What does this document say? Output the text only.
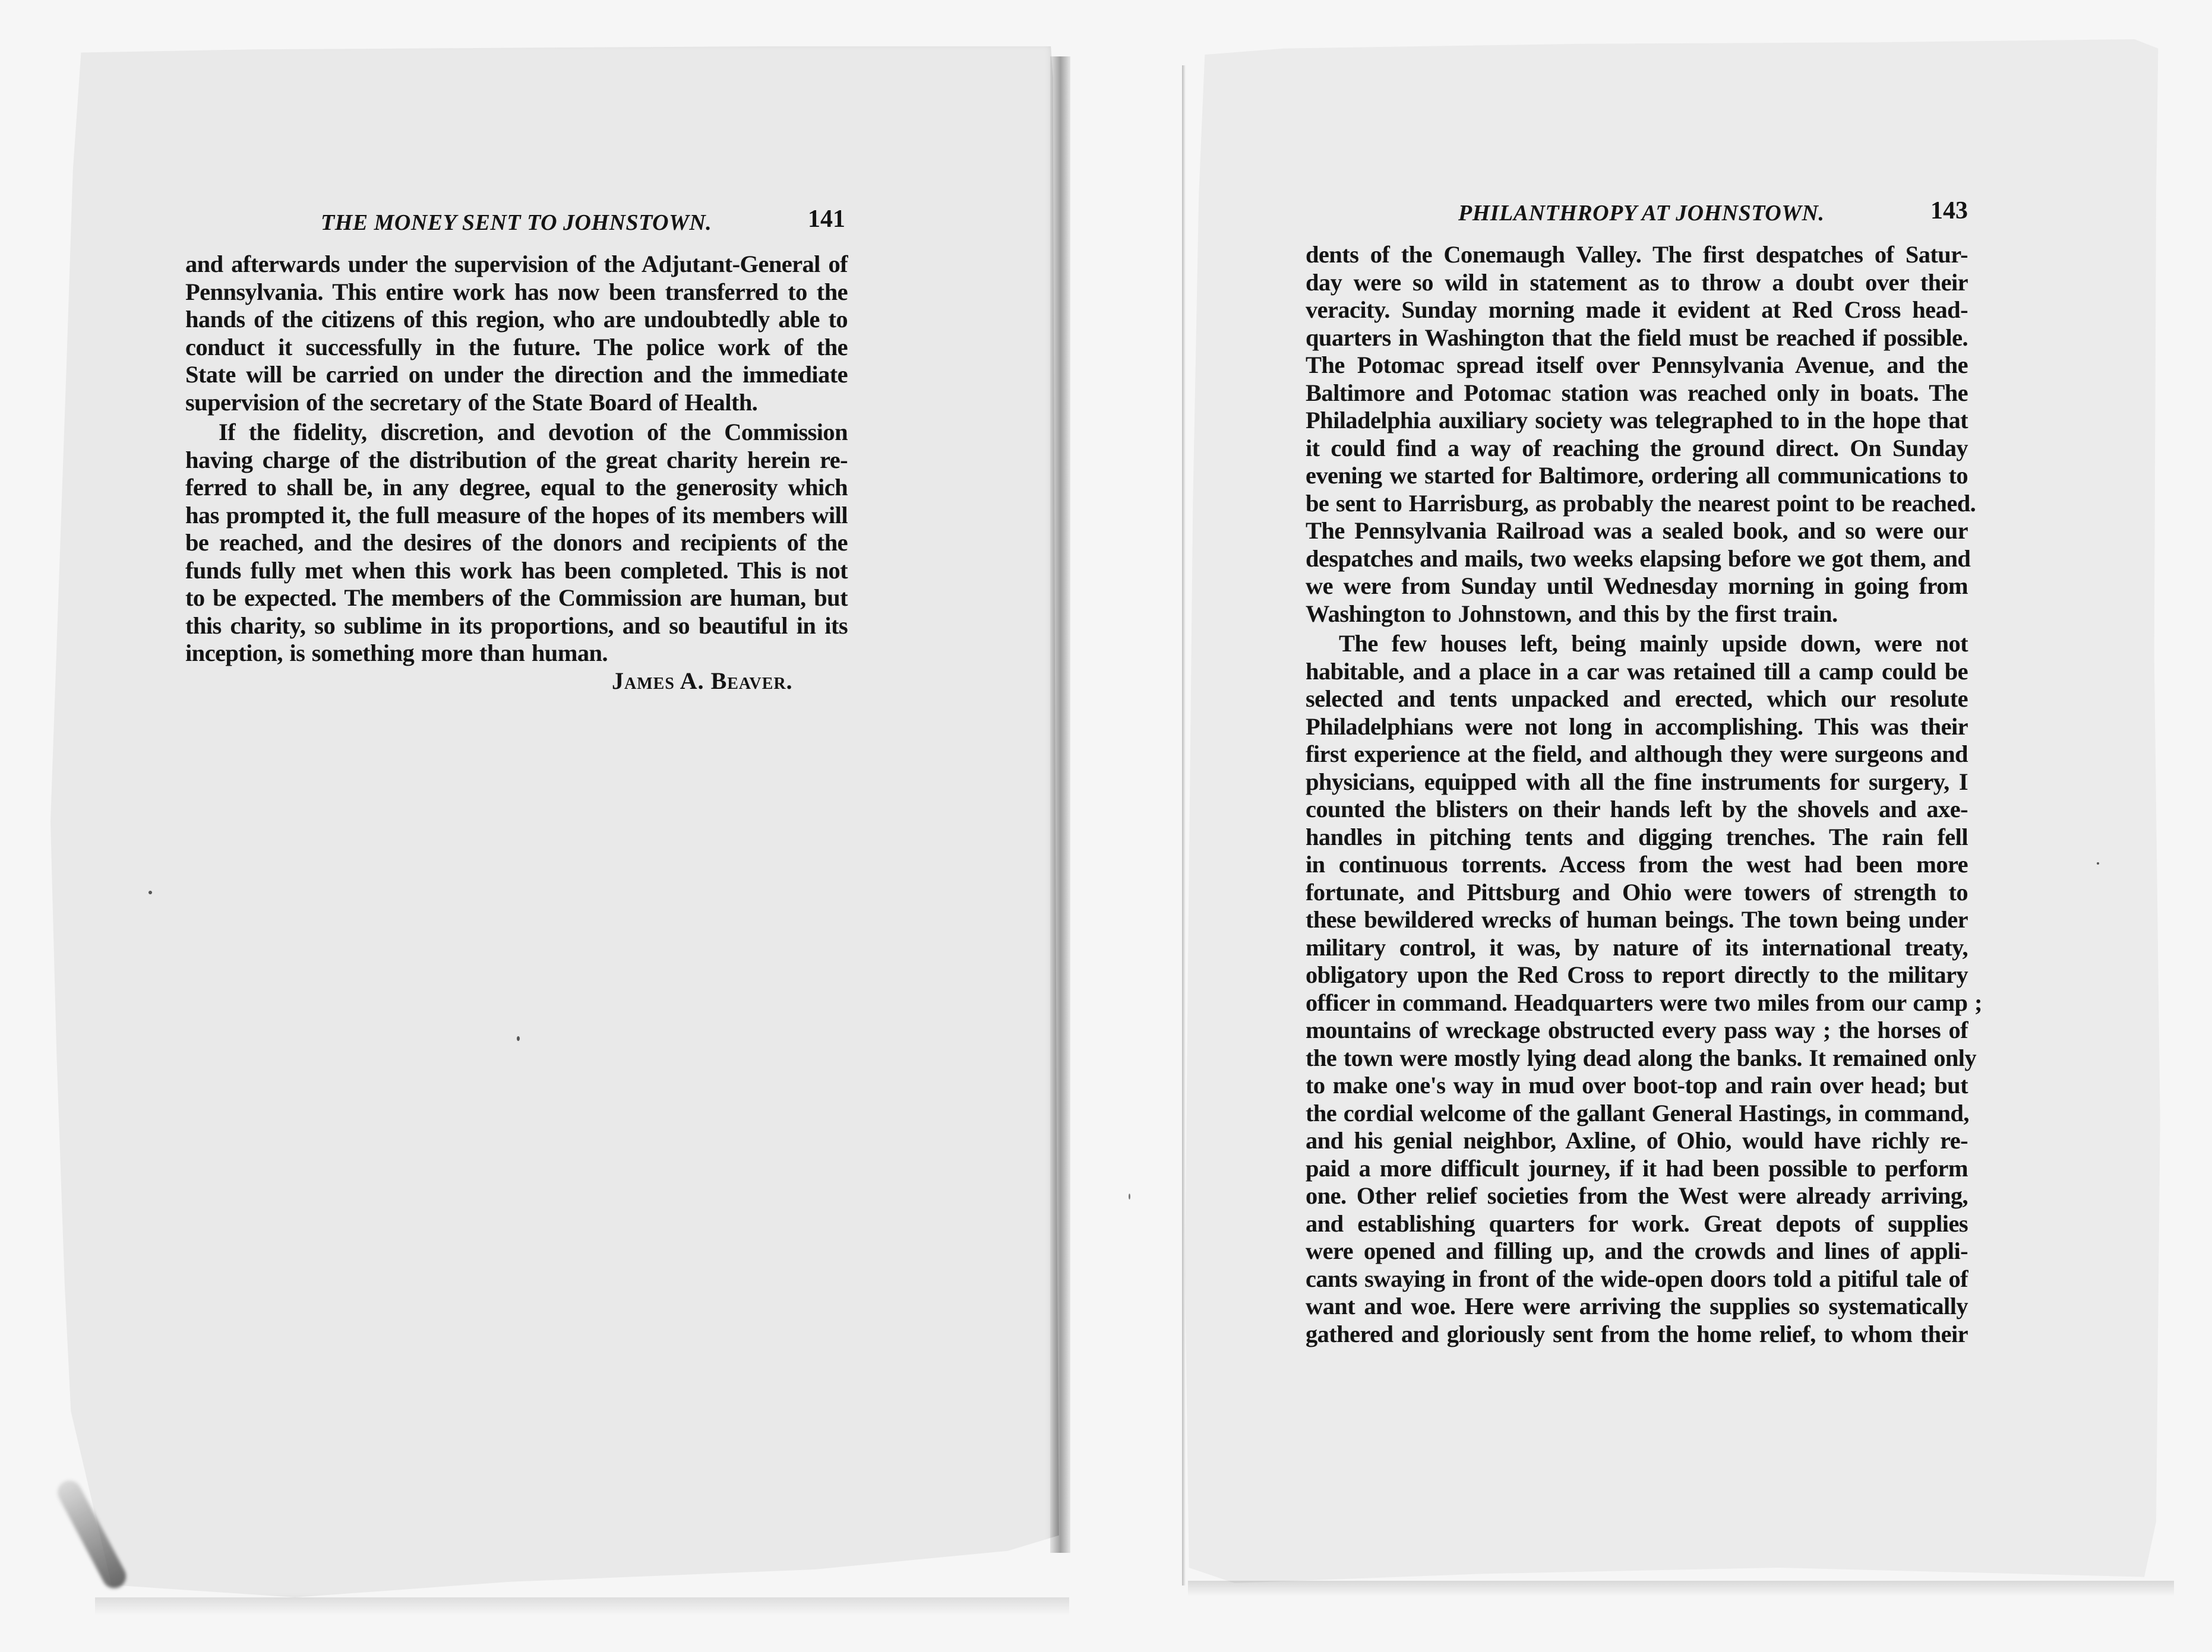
THE MONEY SENT TO JOHNSTOWN.	141
and afterwards under the supervision of the Adjutant-General of
Pennsylvania. This entire work has now been transferred to the
hands of the citizens of this region, who are undoubtedly able to
conduct it successfully in the future. The police work of the
State will be carried on under the direction and the immediate
supervision of the secretary of the State Board of Health.
If the fidelity, discretion, and devotion of the Commission
having charge of the distribution of the great charity herein re-
ferred to shall be, in any degree, equal to the generosity which
has prompted it, the full measure of the hopes of its members will
be reached, and the desires of the donors and recipients of the
funds fully met when this work has been completed. This is not
to be expected. The members of the Commission are human, but
this charity, so sublime in its proportions, and so beautiful in its
inception, is something more than human.
James A. Beaver.
PHILANTHROPY AT JOHNSTOWN.	143
dents of the Conemaugh Valley. The first despatches of Satur-
day were so wild in statement as to throw a doubt over their
veracity. Sunday morning made it evident at Red Cross head-
quarters in Washington that the field must be reached if possible.
The Potomac spread itself over Pennsylvania Avenue, and the
Baltimore and Potomac station was reached only in boats. The
Philadelphia auxiliary society was telegraphed to in the hope that
it could find a way of reaching the ground direct. On Sunday
evening we started for Baltimore, ordering all communications to
be sent to Harrisburg, as probably the nearest point to be reached.
The Pennsylvania Railroad was a sealed book, and so were our
despatches and mails, two weeks elapsing before we got them, and
we were from Sunday until Wednesday morning in going from
Washington to Johnstown, and this by the first train.
The few houses left, being mainly upside down, were not
habitable, and a place in a car was retained till a camp could be
selected and tents unpacked and erected, which our resolute
Philadelphians were not long in accomplishing. This was their
first experience at the field, and although they were surgeons and
physicians, equipped with all the fine instruments for surgery, I
counted the blisters on their hands left by the shovels and axe-
handles in pitching tents and digging trenches. The rain fell
in continuous torrents. Access from the west had been more
fortunate, and Pittsburg and Ohio were towers of strength to
these bewildered wrecks of human beings. The town being under
military control, it was, by nature of its international treaty,
obligatory upon the Red Cross to report directly to the military
officer in command. Headquarters were two miles from our camp ;
mountains of wreckage obstructed every pass way ; the horses of
the town were mostly lying dead along the banks. It remained only
to make one's way in mud over boot-top and rain over head; but
the cordial welcome of the gallant General Hastings, in command,
and his genial neighbor, Axline, of Ohio, would have richly re-
paid a more difficult journey, if it had been possible to perform
one. Other relief societies from the West were already arriving,
and establishing quarters for work. Great depots of supplies
were opened and filling up, and the crowds and lines of appli-
cants swaying in front of the wide-open doors told a pitiful tale of
want and woe. Here were arriving the supplies so systematically
gathered and gloriously sent from the home relief, to whom their
